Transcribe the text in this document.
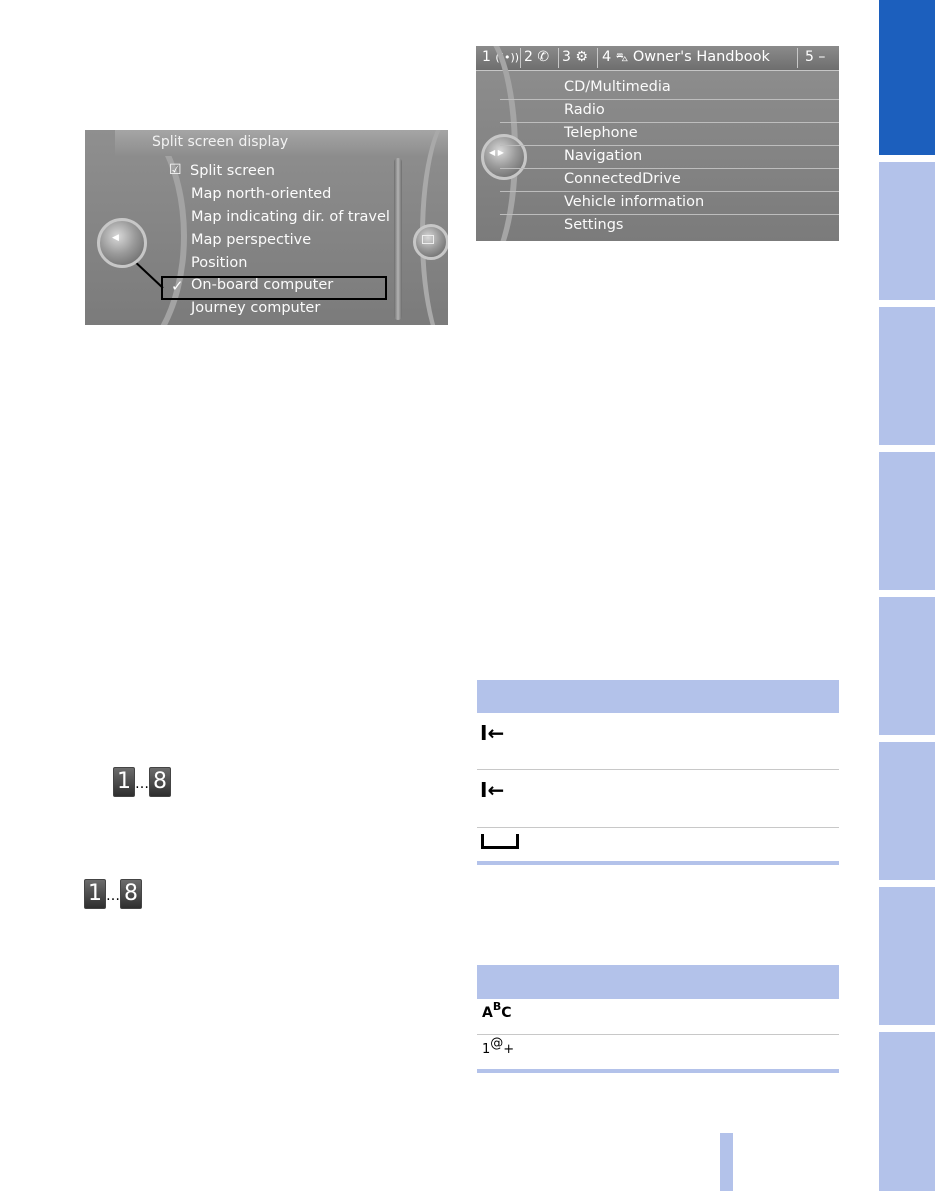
Split screen display
☑ Split screen
Map north-oriented
Map indicating dir. of travel
Map perspective
Position
✓ On-board computer
Journey computer
◀
1 ((•)) 2 ✆ 3 ⚙ 4 ⛍ Owner's Handbook	5 –
◀ ▶
CD/Multimedia
Radio
Telephone
Navigation
ConnectedDrive
Vehicle information
Settings
1 … 8
1 … 8
I←
I←
$A^BC$
1@+
